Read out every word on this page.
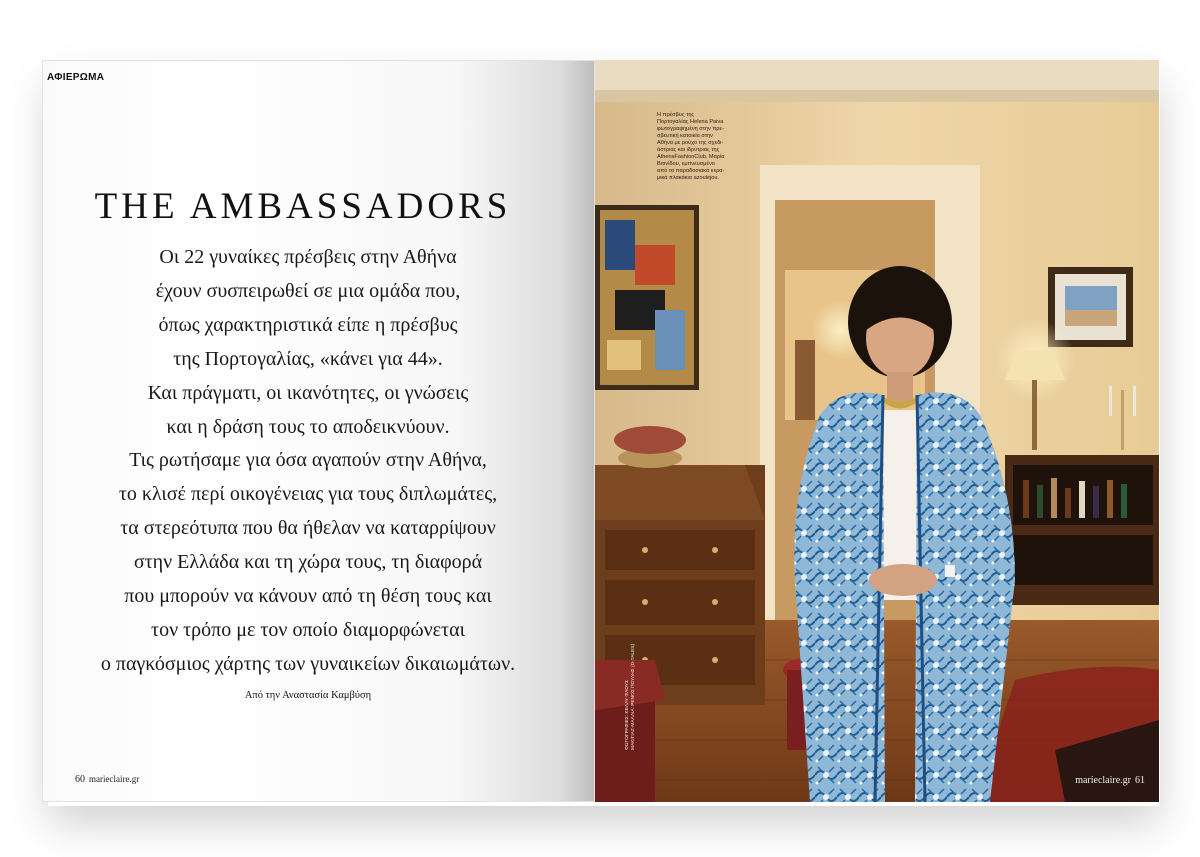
ΑΦΙΕΡΩΜΑ
THE AMBASSADORS

Οι 22 γυναίκες πρέσβεις στην Αθήνα

έχουν συσπειρωθεί σε μια ομάδα που,

όπως χαρακτηριστικά είπε η πρέσβυς

της Πορτογαλίας, «κάνει για 44».

Και πράγματι, οι ικανότητες, οι γνώσεις

και η δράση τους το αποδεικνύουν.

Τις ρωτήσαμε για όσα αγαπούν στην Αθήνα,

το κλισέ περί οικογένειας για τους διπλωμάτες,

τα στερεότυπα που θα ήθελαν να καταρρίψουν

στην Ελλάδα και τη χώρα τους, τη διαφορά

που μπορούν να κάνουν από τη θέση τους και

τον τρόπο με τον οποίο διαμορφώνεται

ο παγκόσμιος χάρτης των γυναικείων δικαιωμάτων.

Από την Αναστασία Καμβύση
60 marieclaire.gr
Η πρέσβυς της
Πορτογαλίας Helena Paiva
φωτογραφημένη στην πρε-
σβευτική κατοικία στην
Αθήνα με ρούχο της σχεδι-
άστριας και ιδρύτριας της
AthensFashionClub, Μαρία
Βιτινίδου, εμπνευσμένο
από τα παραδοσιακά κερα-
μικά πλακάκια azoulejou.
ΦΩΤΟΓΡΑΦΙΕΣ: ΚΕΛΛΥ ΦΛΟΥΣ ΜΑΚΙΓΙΑΖ-ΜΑΛΛΙΑ: ΡΕΝΟΣ ΠΟΥΛΗΣ (D-TALES)
marieclaire.gr 61
